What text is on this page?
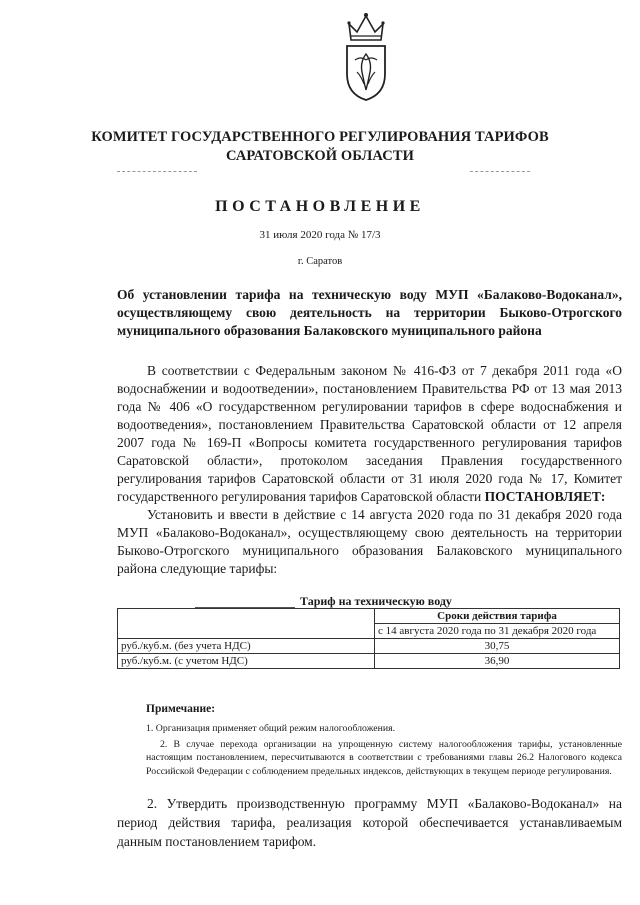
КОМИТЕТ ГОСУДАРСТВЕННОГО РЕГУЛИРОВАНИЯ ТАРИФОВ
САРАТОВСКОЙ ОБЛАСТИ
ПОСТАНОВЛЕНИЕ
31 июля 2020 года № 17/3
г. Саратов
Об установлении тарифа на техническую воду МУП «Балаково-Водоканал», осуществляющему свою деятельность на территории Быково-Отрогского муниципального образования Балаковского муниципального района

В соответствии с Федеральным законом № 416-ФЗ от 7 декабря 2011 года «О водоснабжении и водоотведении», постановлением Правительства РФ от 13 мая 2013 года № 406 «О государственном регулировании тарифов в сфере водоснабжения и водоотведения», постановлением Правительства Саратовской области от 12 апреля 2007 года № 169-П «Вопросы комитета государственного регулирования тарифов Саратовской области», протоколом заседания Правления государственного регулирования тарифов Саратовской области от 31 июля 2020 года № 17, Комитет государственного регулирования тарифов Саратовской области ПОСТАНОВЛЯЕТ:

Установить и ввести в действие с 14 августа 2020 года по 31 декабря 2020 года МУП «Балаково-Водоканал», осуществляющему свою деятельность на территории Быково-Отрогского муниципального образования Балаковского муниципального района следующие тарифы:

Тариф на техническую воду
	Сроки действия тарифа
	с 14 августа 2020 года по 31 декабря 2020 года
руб./куб.м. (без учета НДС)	30,75
руб./куб.м. (с учетом НДС)	36,90
Примечание:

1. Организация применяет общий режим налогообложения.

2. В случае перехода организации на упрощенную систему налогообложения тарифы, установленные настоящим постановлением, пересчитываются в соответствии с требованиями главы 26.2 Налогового кодекса Российской Федерации с соблюдением предельных индексов, действующих в текущем периоде регулирования.

2. Утвердить производственную программу МУП «Балаково-Водоканал» на период действия тарифа, реализация которой обеспечивается устанавливаемым данным постановлением тарифом.
